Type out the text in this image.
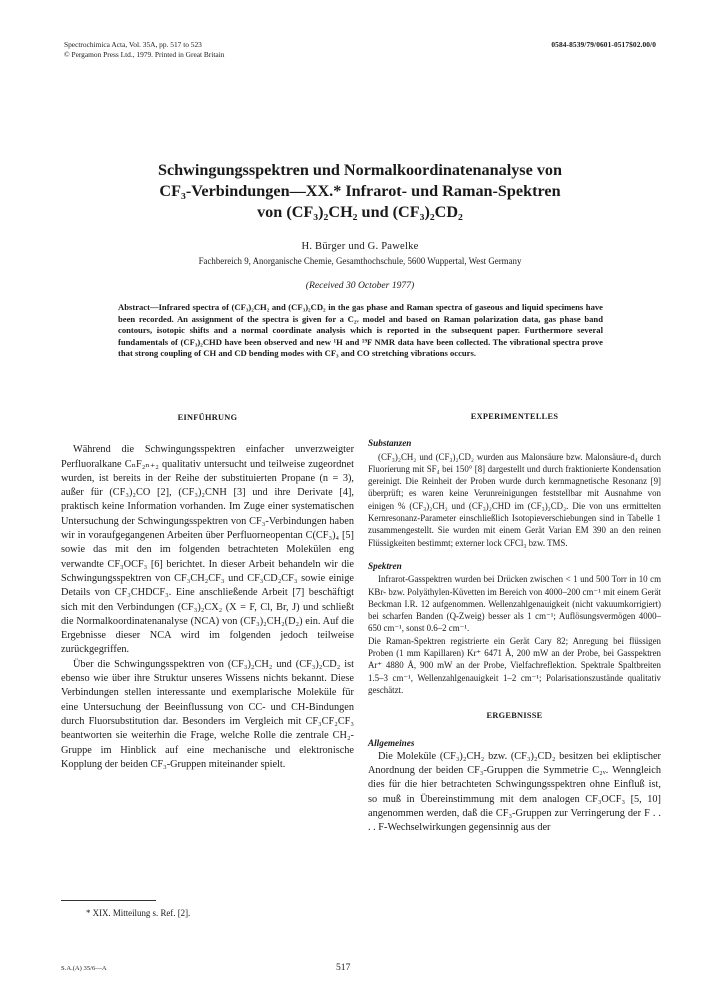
Spectrochimica Acta, Vol. 35A, pp. 517 to 523
© Pergamon Press Ltd., 1979. Printed in Great Britain
0584-8539/79/0601-0517$02.00/0
Schwingungsspektren und Normalkoordinatenanalyse von
CF₃-Verbindungen—XX.* Infrarot- und Raman-Spektren
von (CF₃)₂CH₂ und (CF₃)₂CD₂
H. Bürger und G. Pawelke
Fachbereich 9, Anorganische Chemie, Gesamthochschule, 5600 Wuppertal, West Germany
(Received 30 October 1977)
Abstract—Infrared spectra of (CF₃)₂CH₂ and (CF₃)₂CD₂ in the gas phase and Raman spectra of gaseous and liquid specimens have been recorded. An assignment of the spectra is given for a C₂ᵥ model and based on Raman polarization data, gas phase band contours, isotopic shifts and a normal coordinate analysis which is reported in the subsequent paper. Furthermore several fundamentals of (CF₃)₂CHD have been observed and new ¹H and ¹⁹F NMR data have been collected. The vibrational spectra prove that strong coupling of CH and CD bending modes with CF₃ and CO stretching vibrations occurs.
EINFÜHRUNG

Während die Schwingungsspektren einfacher unverzweigter Perfluoralkane CₙF₂ₙ₊₂ qualitativ untersucht und teilweise zugeordnet wurden, ist bereits in der Reihe der substituierten Propane (n = 3), außer für (CF₃)₂CO [2], (CF₃)₂CNH [3] und ihre Derivate [4], praktisch keine Information vorhanden. Im Zuge einer systematischen Untersuchung der Schwingungsspektren von CF₃-Verbindungen haben wir in voraufgegangenen Arbeiten über Perfluorneopentan C(CF₃)₄ [5] sowie das mit den im folgenden betrachteten Molekülen eng verwandte CF₃OCF₃ [6] berichtet. In dieser Arbeit behandeln wir die Schwingungsspektren von CF₃CH₂CF₃ und CF₃CD₂CF₃ sowie einige Details von CF₃CHDCF₃. Eine anschließende Arbeit [7] beschäftigt sich mit den Verbindungen (CF₃)₂CX₂ (X = F, Cl, Br, J) und schließt die Normalkoordinatenanalyse (NCA) von (CF₃)₂CH₂(D₂) ein. Auf die Ergebnisse dieser NCA wird im folgenden jedoch teilweise zurückgegriffen.

Über die Schwingungsspektren von (CF₃)₂CH₂ und (CF₃)₂CD₂ ist ebenso wie über ihre Struktur unseres Wissens nichts bekannt. Diese Verbindungen stellen interessante und exemplarische Moleküle für eine Untersuchung der Beeinflussung von CC- und CH-Bindungen durch Fluorsubstitution dar. Besonders im Vergleich mit CF₃CF₂CF₃ beantworten sie weiterhin die Frage, welche Rolle die zentrale CH₂-Gruppe im Hinblick auf eine mechanische und elektronische Kopplung der beiden CF₃-Gruppen miteinander spielt.

EXPERIMENTELLES
Substanzen

(CF₃)₂CH₂ und (CF₃)₂CD₂ wurden aus Malonsäure bzw. Malonsäure-d₄ durch Fluorierung mit SF₄ bei 150° [8] dargestellt und durch fraktionierte Kondensation gereinigt. Die Reinheit der Proben wurde durch kernmagnetische Resonanz [9] überprüft; es waren keine Verunreinigungen feststellbar mit Ausnahme von einigen % (CF₃)₂CH₂ und (CF₃)₂CHD im (CF₃)₂CD₂. Die von uns ermittelten Kernresonanz-Parameter einschließlich Isotopieverschiebungen sind in Tabelle 1 zusammengestellt. Sie wurden mit einem Gerät Varian EM 390 an den reinen Flüssigkeiten bestimmt; externer lock CFCl₃ bzw. TMS.

Spektren

Infrarot-Gasspektren wurden bei Drücken zwischen < 1 und 500 Torr in 10 cm KBr- bzw. Polyäthylen-Küvetten im Bereich von 4000–200 cm⁻¹ mit einem Gerät Beckman I.R. 12 aufgenommen. Wellenzahlgenauigkeit (nicht vakuumkorrigiert) bei scharfen Banden (Q-Zweig) besser als 1 cm⁻¹; Auflösungsvermögen 4000–650 cm⁻¹, sonst 0.6–2 cm⁻¹.
Die Raman-Spektren registrierte ein Gerät Cary 82; Anregung bei flüssigen Proben (1 mm Kapillaren) Kr⁺ 6471 Å, 200 mW an der Probe, bei Gasspektren Ar⁺ 4880 Å, 900 mW an der Probe, Vielfachreflektion. Spektrale Spaltbreiten 1.5–3 cm⁻¹, Wellenzahlgenauigkeit 1–2 cm⁻¹; Polarisationszustände qualitativ geschätzt.

ERGEBNISSE
Allgemeines

Die Moleküle (CF₃)₂CH₂ bzw. (CF₃)₂CD₂ besitzen bei ekliptischer Anordnung der beiden CF₃-Gruppen die Symmetrie C₂ᵥ. Wenngleich dies für die hier betrachteten Schwingungsspektren ohne Einfluß ist, so muß in Übereinstimmung mit dem analogen CF₃OCF₃ [5, 10] angenommen werden, daß die CF₃-Gruppen zur Verringerung der F . . . . F-Wechselwirkungen gegensinnig aus der

* XIX. Mitteilung s. Ref. [2].
S.A.(A) 35/6—A	517
